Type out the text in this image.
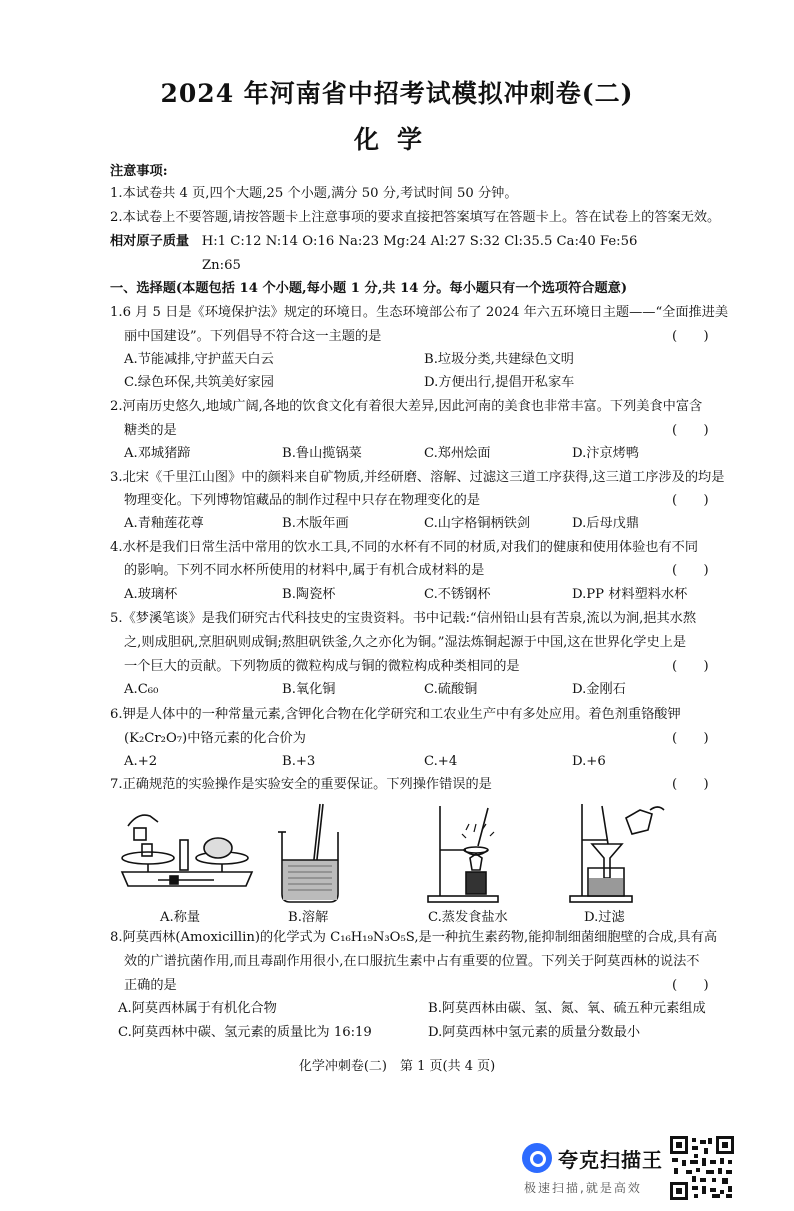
2024 年河南省中招考试模拟冲刺卷(二)
化学
注意事项:
1.本试卷共 4 页,四个大题,25 个小题,满分 50 分,考试时间 50 分钟。
2.本试卷上不要答题,请按答题卡上注意事项的要求直接把答案填写在答题卡上。答在试卷上的答案无效。
相对原子质量 H:1 C:12 N:14 O:16 Na:23 Mg:24 Al:27 S:32 Cl:35.5 Ca:40 Fe:56
Zn:65
一、选择题(本题包括 14 个小题,每小题 1 分,共 14 分。每小题只有一个选项符合题意)
1.6 月 5 日是《环境保护法》规定的环境日。生态环境部公布了 2024 年六五环境日主题——“全面推进美
丽中国建设”。下列倡导不符合这一主题的是	(　　)
A.节能减排,守护蓝天白云	B.垃圾分类,共建绿色文明
C.绿色环保,共筑美好家园	D.方便出行,提倡开私家车
2.河南历史悠久,地域广阔,各地的饮食文化有着很大差异,因此河南的美食也非常丰富。下列美食中富含
糖类的是	(　　)
A.邓城猪蹄	B.鲁山揽锅菜	C.郑州烩面	D.汴京烤鸭
3.北宋《千里江山图》中的颜料来自矿物质,并经研磨、溶解、过滤这三道工序获得,这三道工序涉及的均是
物理变化。下列博物馆藏品的制作过程中只存在物理变化的是	(　　)
A.青釉莲花尊	B.木版年画	C.山字格铜柄铁剑	D.后母戊鼎
4.水杯是我们日常生活中常用的饮水工具,不同的水杯有不同的材质,对我们的健康和使用体验也有不同
的影响。下列不同水杯所使用的材料中,属于有机合成材料的是	(　　)
A.玻璃杯	B.陶瓷杯	C.不锈钢杯	D.PP 材料塑料水杯
5.《梦溪笔谈》是我们研究古代科技史的宝贵资料。书中记载:“信州铅山县有苦泉,流以为涧,挹其水熬
之,则成胆矾,烹胆矾则成铜;熬胆矾铁釜,久之亦化为铜。”湿法炼铜起源于中国,这在世界化学史上是
一个巨大的贡献。下列物质的微粒构成与铜的微粒构成种类相同的是	(　　)
A.C₆₀	B.氧化铜	C.硫酸铜	D.金刚石
6.钾是人体中的一种常量元素,含钾化合物在化学研究和工农业生产中有多处应用。着色剂重铬酸钾
(K₂Cr₂O₇)中铬元素的化合价为	(　　)
A.+2	B.+3	C.+4	D.+6
7.正确规范的实验操作是实验安全的重要保证。下列操作错误的是	(　　)
A.称量	B.溶解	C.蒸发食盐水	D.过滤
8.阿莫西林(Amoxicillin)的化学式为 C₁₆H₁₉N₃O₅S,是一种抗生素药物,能抑制细菌细胞壁的合成,具有高
效的广谱抗菌作用,而且毒副作用很小,在口服抗生素中占有重要的位置。下列关于阿莫西林的说法不
正确的是	(　　)
A.阿莫西林属于有机化合物	B.阿莫西林由碳、氢、氮、氧、硫五种元素组成
C.阿莫西林中碳、氢元素的质量比为 16:19	D.阿莫西林中氢元素的质量分数最小
化学冲刺卷(二)　第 1 页(共 4 页)
夸克扫描王
极速扫描,就是高效
